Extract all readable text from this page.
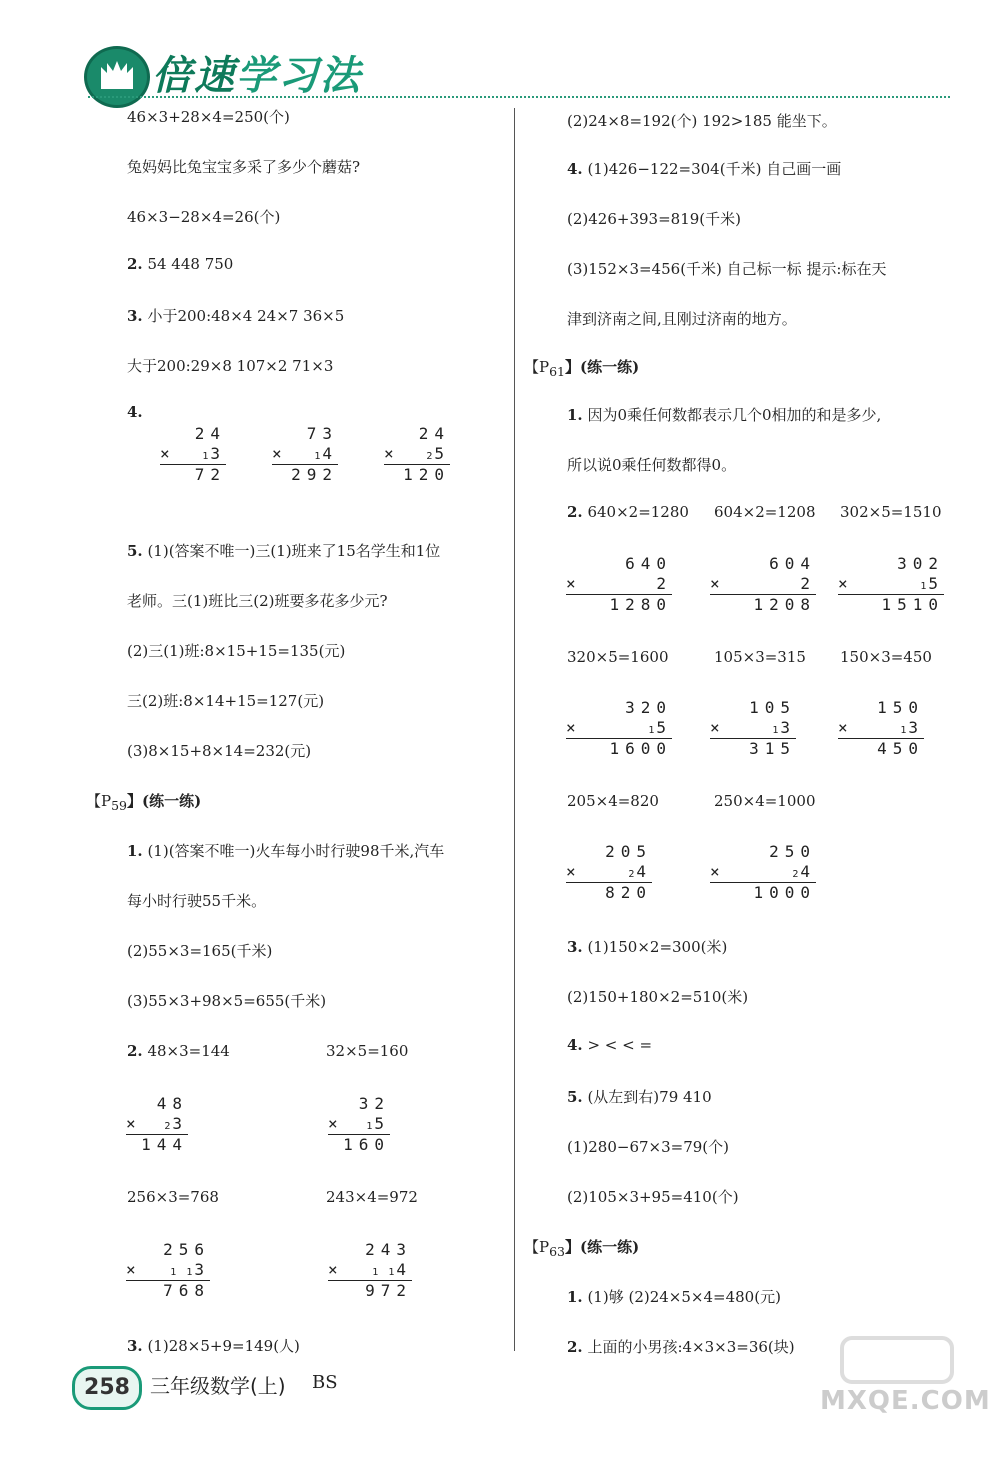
倍速学习法
46×3+28×4=250(个)
兔妈妈比兔宝宝多采了多少个蘑菇?
46×3−28×4=26(个)
2. 54 448 750
3. 小于200:48×4 24×7 36×5
大于200:29×8 107×2 71×3
4.
24
×	13
72
73
×	14
292
24
×	25
120
5. (1)(答案不唯一)三(1)班来了15名学生和1位
老师。三(1)班比三(2)班要多花多少元?
(2)三(1)班:8×15+15=135(元)
三(2)班:8×14+15=127(元)
(3)8×15+8×14=232(元)
【$P_{59}$】(练一练)
1. (1)(答案不唯一)火车每小时行驶98千米,汽车
每小时行驶55千米。
(2)55×3=165(千米)
(3)55×3+98×5=655(千米)
2. 48×3=144	32×5=160
48
×	23
144
32
×	15
160
256×3=768	243×4=972
256
×	1 13
768
243
×	1 14
972
3. (1)28×5+9=149(人)
(2)24×8=192(个) 192>185 能坐下。
4. (1)426−122=304(千米) 自己画一画
(2)426+393=819(千米)
(3)152×3=456(千米) 自己标一标 提示:标在天
津到济南之间,且刚过济南的地方。
【$P_{61}$】(练一练)
1. 因为0乘任何数都表示几个0相加的和是多少,
所以说0乘任何数都得0。
2. 640×2=1280 604×2=1208 302×5=1510
640
×	2
1280
604
×	2
1208
302
×	15
1510
320×5=1600	105×3=315 150×3=450
320
×	15
1600
105
×	13
315
150
×	13
450
205×4=820	250×4=1000
205
×	24
820
250
×	24
1000
3. (1)150×2=300(米)
(2)150+180×2=510(米)
4. > < < =
5. (从左到右)79 410
(1)280−67×3=79(个)
(2)105×3+95=410(个)
【$P_{63}$】(练一练)
1. (1)够 (2)24×5×4=480(元)
2. 上面的小男孩:4×3×3=36(块)
258	三年级数学(上) BS
MXQE.COM
